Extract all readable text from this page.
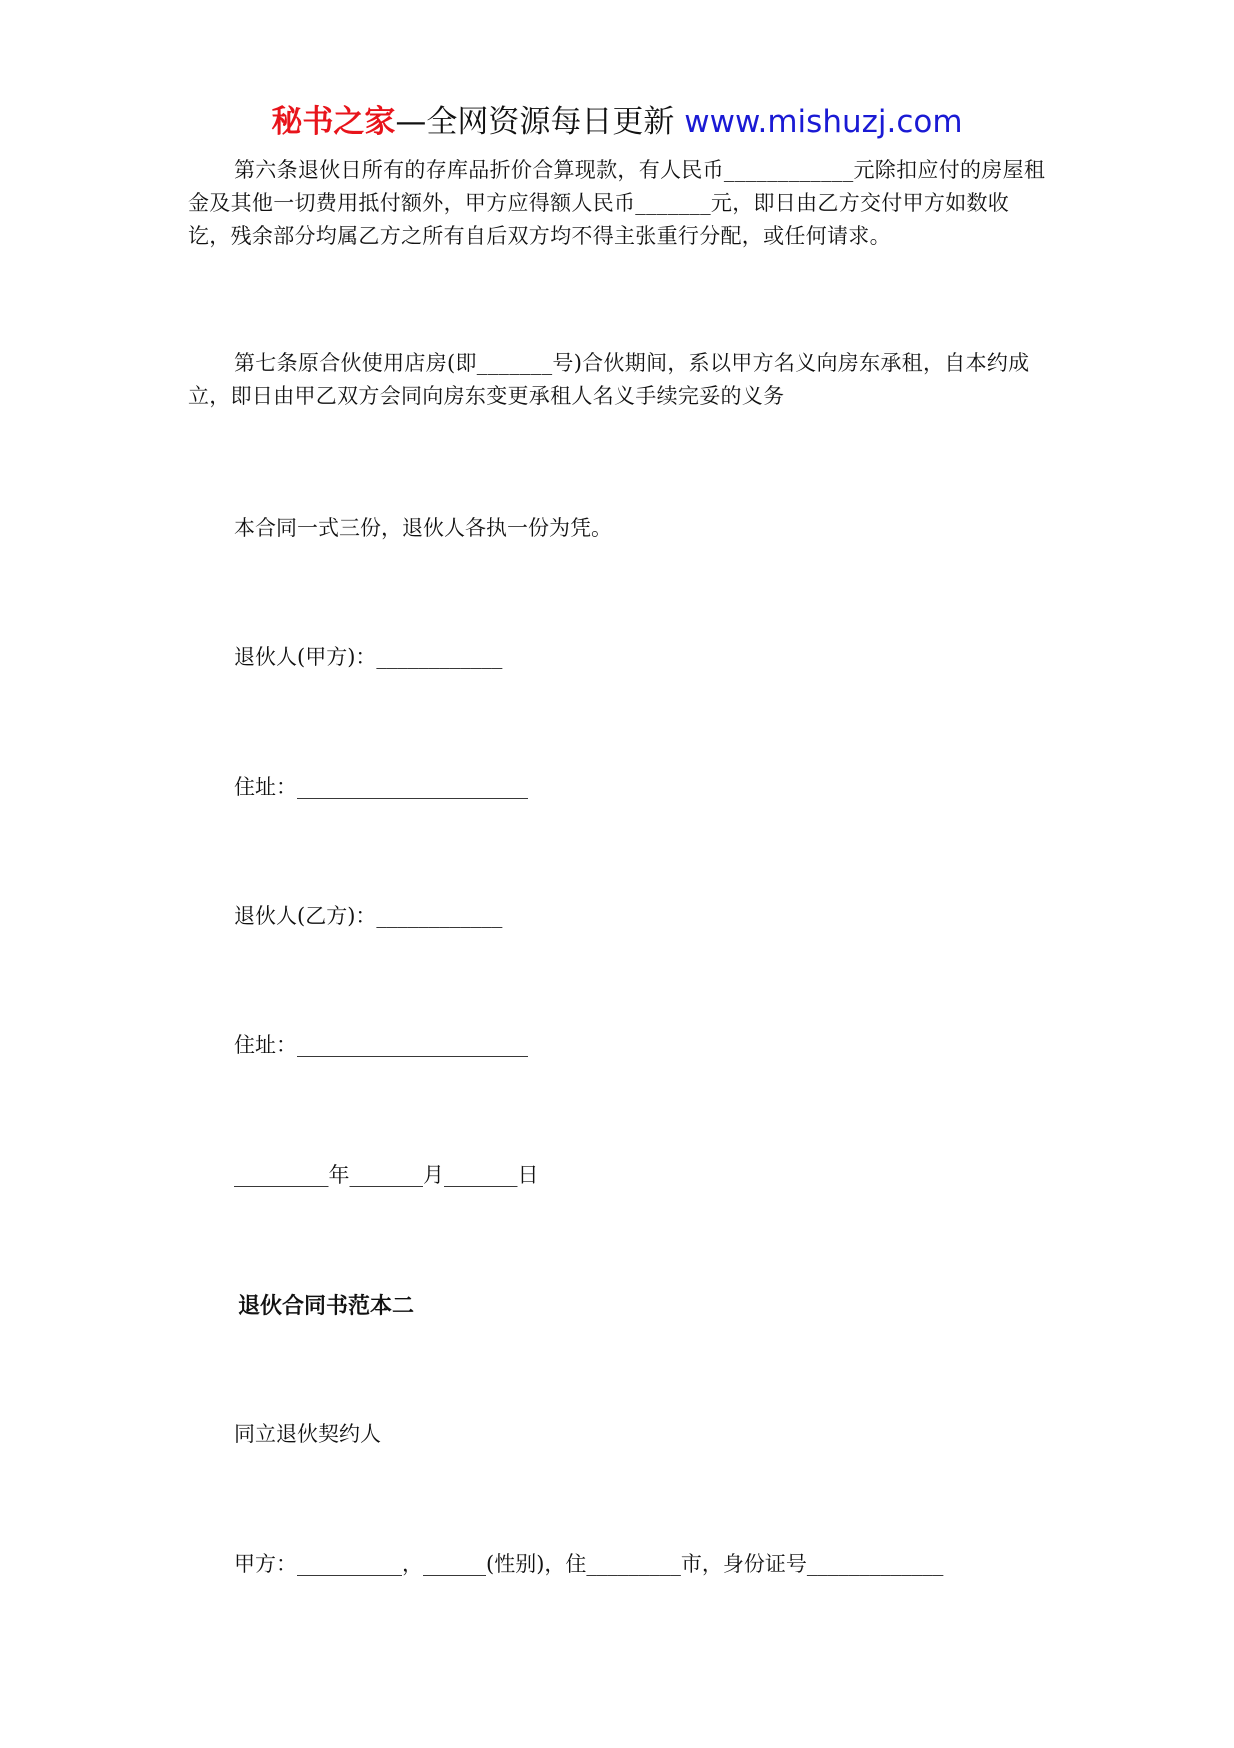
秘书之家—全网资源每日更新 www.mishuzj.com

第六条退伙日所有的存库品折价合算现款，有人民币____________元除扣应付的房屋租金及其他一切费用抵付额外，甲方应得额人民币_______元，即日由乙方交付甲方如数收讫，残余部分均属乙方之所有自后双方均不得主张重行分配，或任何请求。

第七条原合伙使用店房(即_______号)合伙期间，系以甲方名义向房东承租，自本约成立，即日由甲乙双方会同向房东变更承租人名义手续完妥的义务

本合同一式三份，退伙人各执一份为凭。

退伙人(甲方)：____________

住址：______________________

退伙人(乙方)：____________

住址：______________________

_________年_______月_______日

退伙合同书范本二

同立退伙契约人

甲方：__________，______(性别)，住_________市，身份证号_____________
